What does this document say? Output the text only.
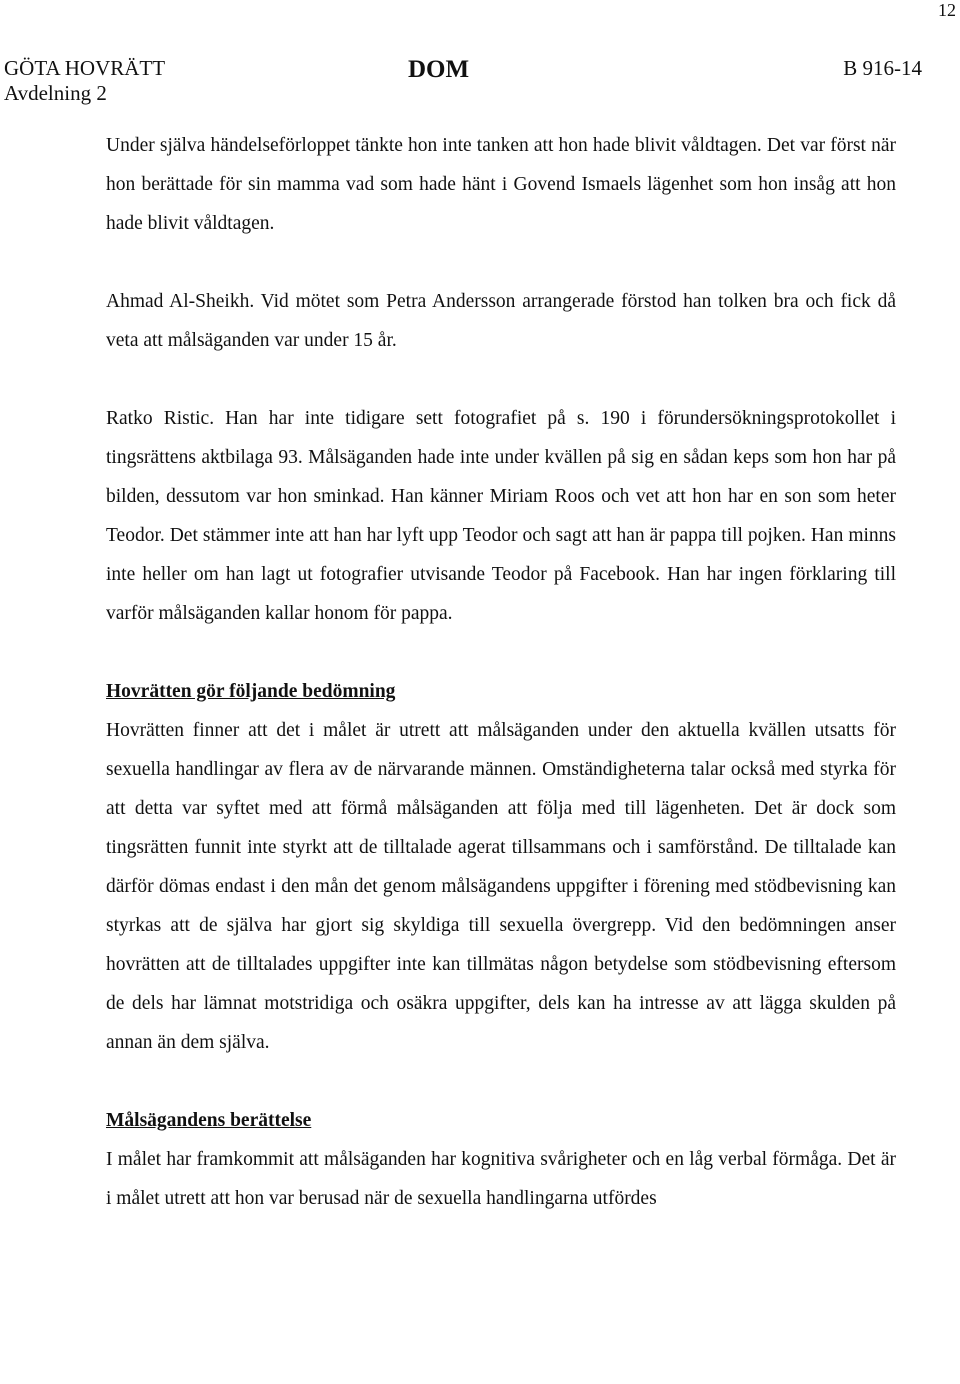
12
GÖTA HOVRÄTT
Avdelning 2
DOM	B 916-14

Under själva händelseförloppet tänkte hon inte tanken att hon hade blivit våldtagen. Det var först när hon berättade för sin mamma vad som hade hänt i Govend Ismaels lägenhet som hon insåg att hon hade blivit våldtagen.

Ahmad Al-Sheikh. Vid mötet som Petra Andersson arrangerade förstod han tolken bra och fick då veta att målsäganden var under 15 år.

Ratko Ristic. Han har inte tidigare sett fotografiet på s. 190 i förundersökningsprotokollet i tingsrättens aktbilaga 93. Målsäganden hade inte under kvällen på sig en sådan keps som hon har på bilden, dessutom var hon sminkad. Han känner Miriam Roos och vet att hon har en son som heter Teodor. Det stämmer inte att han har lyft upp Teodor och sagt att han är pappa till pojken. Han minns inte heller om han lagt ut fotografier utvisande Teodor på Facebook. Han har ingen förklaring till varför målsäganden kallar honom för pappa.

Hovrätten gör följande bedömning

Hovrätten finner att det i målet är utrett att målsäganden under den aktuella kvällen utsatts för sexuella handlingar av flera av de närvarande männen. Omständigheterna talar också med styrka för att detta var syftet med att förmå målsäganden att följa med till lägenheten. Det är dock som tingsrätten funnit inte styrkt att de tilltalade agerat tillsammans och i samförstånd. De tilltalade kan därför dömas endast i den mån det genom målsägandens uppgifter i förening med stödbevisning kan styrkas att de själva har gjort sig skyldiga till sexuella övergrepp. Vid den bedömningen anser hovrätten att de tilltalades uppgifter inte kan tillmätas någon betydelse som stödbevisning eftersom de dels har lämnat motstridiga och osäkra uppgifter, dels kan ha intresse av att lägga skulden på annan än dem själva.

Målsägandens berättelse

I målet har framkommit att målsäganden har kognitiva svårigheter och en låg verbal förmåga. Det är i målet utrett att hon var berusad när de sexuella handlingarna utfördes
